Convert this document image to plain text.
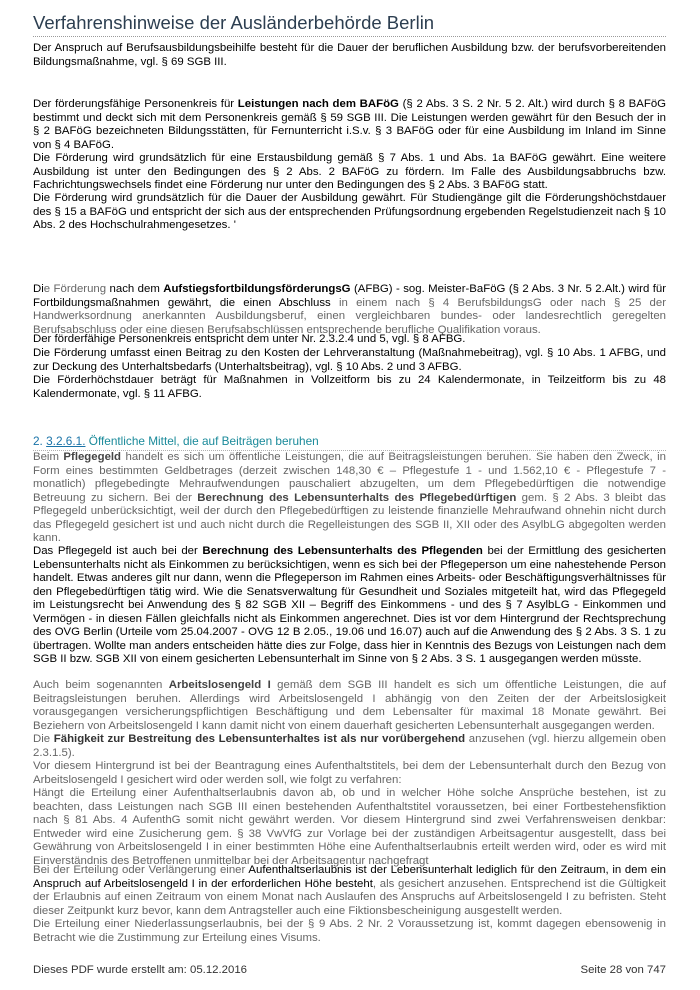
Verfahrenshinweise der Ausländerbehörde Berlin

Der Anspruch auf Berufsausbildungsbeihilfe besteht für die Dauer der beruflichen Ausbildung bzw. der berufsvorbereitenden Bildungsmaßnahme, vgl. § 69 SGB III.

Der förderungsfähige Personenkreis für Leistungen nach dem BAFöG (§ 2 Abs. 3 S. 2 Nr. 5 2. Alt.) wird durch § 8 BAFöG bestimmt und deckt sich mit dem Personenkreis gemäß § 59 SGB III. Die Leistungen werden gewährt für den Besuch der in § 2 BAFöG bezeichneten Bildungsstätten, für Fernunterricht i.S.v. § 3 BAFöG oder für eine Ausbildung im Inland im Sinne von § 4 BAFöG.

Die Förderung wird grundsätzlich für eine Erstausbildung gemäß § 7 Abs. 1 und Abs. 1a BAFöG gewährt. Eine weitere Ausbildung ist unter den Bedingungen des § 2 Abs. 2 BAFöG zu fördern. Im Falle des Ausbildungsabbruchs bzw. Fachrichtungswechsels findet eine Förderung nur unter den Bedingungen des § 2 Abs. 3 BAFöG statt.

Die Förderung wird grundsätzlich für die Dauer der Ausbildung gewährt. Für Studiengänge gilt die Förderungshöchstdauer des § 15 a BAFöG und entspricht der sich aus der entsprechenden Prüfungsordnung ergebenden Regelstudienzeit nach § 10 Abs. 2 des Hochschulrahmengesetzes. '

Die Förderung nach dem AufstiegsfortbildungsförderungsG (AFBG) - sog. Meister-BaFöG (§ 2 Abs. 3 Nr. 5 2.Alt.) wird für Fortbildungsmaßnahmen gewährt, die einen Abschluss in einem nach § 4 BerufsbildungsG oder nach § 25 der Handwerksordnung anerkannten Ausbildungsberuf, einen vergleichbaren bundes- oder landesrechtlich geregelten Berufsabschluss oder eine diesen Berufsabschlüssen entsprechende berufliche Qualifikation voraus.

Der förderfähige Personenkreis entspricht dem unter Nr. 2.3.2.4 und 5, vgl. § 8 AFBG.

Die Förderung umfasst einen Beitrag zu den Kosten der Lehrveranstaltung (Maßnahmebeitrag), vgl. § 10 Abs. 1 AFBG, und zur Deckung des Unterhaltsbedarfs (Unterhaltsbeitrag), vgl. § 10 Abs. 2 und 3 AFBG.

Die Förderhöchstdauer beträgt für Maßnahmen in Vollzeitform bis zu 24 Kalendermonate, in Teilzeitform bis zu 48 Kalendermonate, vgl. § 11 AFBG.

2. 3.2.6.1. Öffentliche Mittel, die auf Beiträgen beruhen

Beim Pflegegeld handelt es sich um öffentliche Leistungen, die auf Beitragsleistungen beruhen. Sie haben den Zweck, in Form eines bestimmten Geldbetrages (derzeit zwischen 148,30 € – Pflegestufe 1 - und 1.562,10 € - Pflegestufe 7 - monatlich) pflegebedingte Mehraufwendungen pauschaliert abzugelten, um dem Pflegebedürftigen die notwendige Betreuung zu sichern. Bei der Berechnung des Lebensunterhalts des Pflegebedürftigen gem. § 2 Abs. 3 bleibt das Pflegegeld unberücksichtigt, weil der durch den Pflegebedürftigen zu leistende finanzielle Mehraufwand ohnehin nicht durch das Pflegegeld gesichert ist und auch nicht durch die Regelleistungen des SGB II, XII oder des AsylbLG abgegolten werden kann.

Das Pflegegeld ist auch bei der Berechnung des Lebensunterhalts des Pflegenden bei der Ermittlung des gesicherten Lebensunterhalts nicht als Einkommen zu berücksichtigen, wenn es sich bei der Pflegeperson um eine nahestehende Person handelt. Etwas anderes gilt nur dann, wenn die Pflegeperson im Rahmen eines Arbeits- oder Beschäftigungsverhältnisses für den Pflegebedürftigen tätig wird. Wie die Senatsverwaltung für Gesundheit und Soziales mitgeteilt hat, wird das Pflegegeld im Leistungsrecht bei Anwendung des § 82 SGB XII – Begriff des Einkommens - und des § 7 AsylbLG - Einkommen und Vermögen - in diesen Fällen gleichfalls nicht als Einkommen angerechnet. Dies ist vor dem Hintergrund der Rechtsprechung des OVG Berlin (Urteile vom 25.04.2007 - OVG 12 B 2.05., 19.06 und 16.07) auch auf die Anwendung des § 2 Abs. 3 S. 1 zu übertragen. Wollte man anders entscheiden hätte dies zur Folge, dass hier in Kenntnis des Bezugs von Leistungen nach dem SGB II bzw. SGB XII von einem gesicherten Lebensunterhalt im Sinne von § 2 Abs. 3 S. 1 ausgegangen werden müsste.

Auch beim sogenannten Arbeitslosengeld I gemäß dem SGB III handelt es sich um öffentliche Leistungen, die auf Beitragsleistungen beruhen. Allerdings wird Arbeitslosengeld I abhängig von den Zeiten der der Arbeitslosigkeit vorausgegangen versicherungspflichtigen Beschäftigung und dem Lebensalter für maximal 18 Monate gewährt. Bei Beziehern von Arbeitslosengeld I kann damit nicht von einem dauerhaft gesicherten Lebensunterhalt ausgegangen werden.

Die Fähigkeit zur Bestreitung des Lebensunterhaltes ist als nur vorübergehend anzusehen (vgl. hierzu allgemein oben 2.3.1.5).

Vor diesem Hintergrund ist bei der Beantragung eines Aufenthaltstitels, bei dem der Lebensunterhalt durch den Bezug von Arbeitslosengeld I gesichert wird oder werden soll, wie folgt zu verfahren:

Hängt die Erteilung einer Aufenthaltserlaubnis davon ab, ob und in welcher Höhe solche Ansprüche bestehen, ist zu beachten, dass Leistungen nach SGB III einen bestehenden Aufenthaltstitel voraussetzen, bei einer Fortbestehensfiktion nach § 81 Abs. 4 AufenthG somit nicht gewährt werden. Vor diesem Hintergrund sind zwei Verfahrensweisen denkbar: Entweder wird eine Zusicherung gem. § 38 VwVfG zur Vorlage bei der zuständigen Arbeitsagentur ausgestellt, dass bei Gewährung von Arbeitslosengeld I in einer bestimmten Höhe eine Aufenthaltserlaubnis erteilt werden wird, oder es wird mit Einverständnis des Betroffenen unmittelbar bei der Arbeitsagentur nachgefragt

Bei der Erteilung oder Verlängerung einer Aufenthaltserlaubnis ist der Lebensunterhalt lediglich für den Zeitraum, in dem ein Anspruch auf Arbeitslosengeld I in der erforderlichen Höhe besteht, als gesichert anzusehen. Entsprechend ist die Gültigkeit der Erlaubnis auf einen Zeitraum von einem Monat nach Auslaufen des Anspruchs auf Arbeitslosengeld I zu befristen. Steht dieser Zeitpunkt kurz bevor, kann dem Antragsteller auch eine Fiktionsbescheinigung ausgestellt werden.

Die Erteilung einer Niederlassungserlaubnis, bei der § 9 Abs. 2 Nr. 2 Voraussetzung ist, kommt dagegen ebensowenig in Betracht wie die Zustimmung zur Erteilung eines Visums.

Dieses PDF wurde erstellt am: 05.12.2016	Seite 28 von 747
